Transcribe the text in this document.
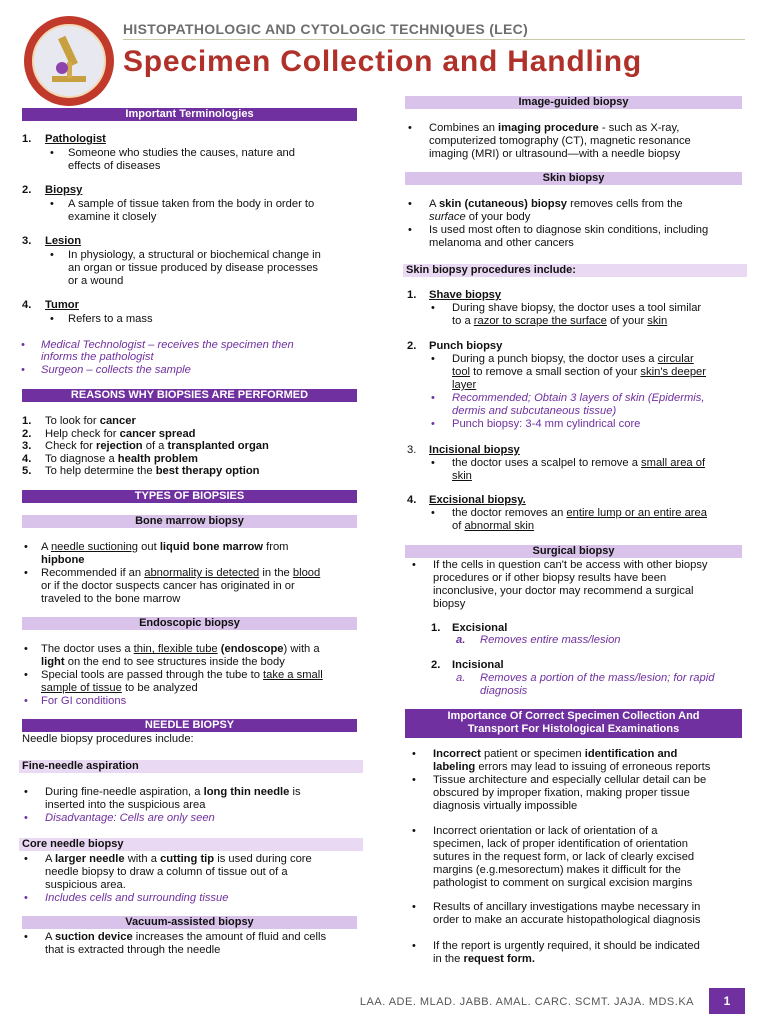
HISTOPATHOLOGIC AND CYTOLOGIC TECHNIQUES (LEC)
Specimen Collection and Handling
Important Terminologies
1. Pathologist
• Someone who studies the causes, nature and
effects of diseases
2. Biopsy
• A sample of tissue taken from the body in order to
examine it closely
3. Lesion
• In physiology, a structural or biochemical change in
an organ or tissue produced by disease processes
or a wound
4. Tumor
• Refers to a mass
• Medical Technologist – receives the specimen then
informs the pathologist
• Surgeon – collects the sample
REASONS WHY BIOPSIES ARE PERFORMED
1. To look for cancer
2. Help check for cancer spread
3. Check for rejection of a transplanted organ
4. To diagnose a health problem
5. To help determine the best therapy option
TYPES OF BIOPSIES
Bone marrow biopsy
• A needle suctioning out liquid bone marrow from
hipbone
• Recommended if an abnormality is detected in the blood
or if the doctor suspects cancer has originated in or
traveled to the bone marrow
Endoscopic biopsy
• The doctor uses a thin, flexible tube (endoscope) with a
light on the end to see structures inside the body
• Special tools are passed through the tube to take a small
sample of tissue to be analyzed
• For GI conditions
NEEDLE BIOPSY
Needle biopsy procedures include:
Fine-needle aspiration
• During fine-needle aspiration, a long thin needle is
inserted into the suspicious area
• Disadvantage: Cells are only seen
Core needle biopsy
• A larger needle with a cutting tip is used during core
needle biopsy to draw a column of tissue out of a
suspicious area.
• Includes cells and surrounding tissue
Vacuum-assisted biopsy
• A suction device increases the amount of fluid and cells
that is extracted through the needle
Image-guided biopsy
• Combines an imaging procedure - such as X-ray,
computerized tomography (CT), magnetic resonance
imaging (MRI) or ultrasound—with a needle biopsy
Skin biopsy
• A skin (cutaneous) biopsy removes cells from the
surface of your body
• Is used most often to diagnose skin conditions, including
melanoma and other cancers
Skin biopsy procedures include:
1. Shave biopsy
• During shave biopsy, the doctor uses a tool similar
to a razor to scrape the surface of your skin
2. Punch biopsy
• During a punch biopsy, the doctor uses a circular
tool to remove a small section of your skin's deeper
layer
• Recommended; Obtain 3 layers of skin (Epidermis,
dermis and subcutaneous tissue)
• Punch biopsy: 3-4 mm cylindrical core
3. Incisional biopsy
• the doctor uses a scalpel to remove a small area of
skin
4. Excisional biopsy.
• the doctor removes an entire lump or an entire area
of abnormal skin
Surgical biopsy
• If the cells in question can't be access with other biopsy
procedures or if other biopsy results have been
inconclusive, your doctor may recommend a surgical
biopsy
1. Excisional
a. Removes entire mass/lesion
2. Incisional
a. Removes a portion of the mass/lesion; for rapid
diagnosis
Importance Of Correct Specimen Collection And
Transport For Histological Examinations
• Incorrect patient or specimen identification and
labeling errors may lead to issuing of erroneous reports
• Tissue architecture and especially cellular detail can be
obscured by improper fixation, making proper tissue
diagnosis virtually impossible
• Incorrect orientation or lack of orientation of a
specimen, lack of proper identification of orientation
sutures in the request form, or lack of clearly excised
margins (e.g.mesorectum) makes it difficult for the
pathologist to comment on surgical excision margins
• Results of ancillary investigations maybe necessary in
order to make an accurate histopathological diagnosis
• If the report is urgently required, it should be indicated
in the request form.
LAA. ADE. MLAD. JABB. AMAL. CARC. SCMT. JAJA. MDS.KA	1
